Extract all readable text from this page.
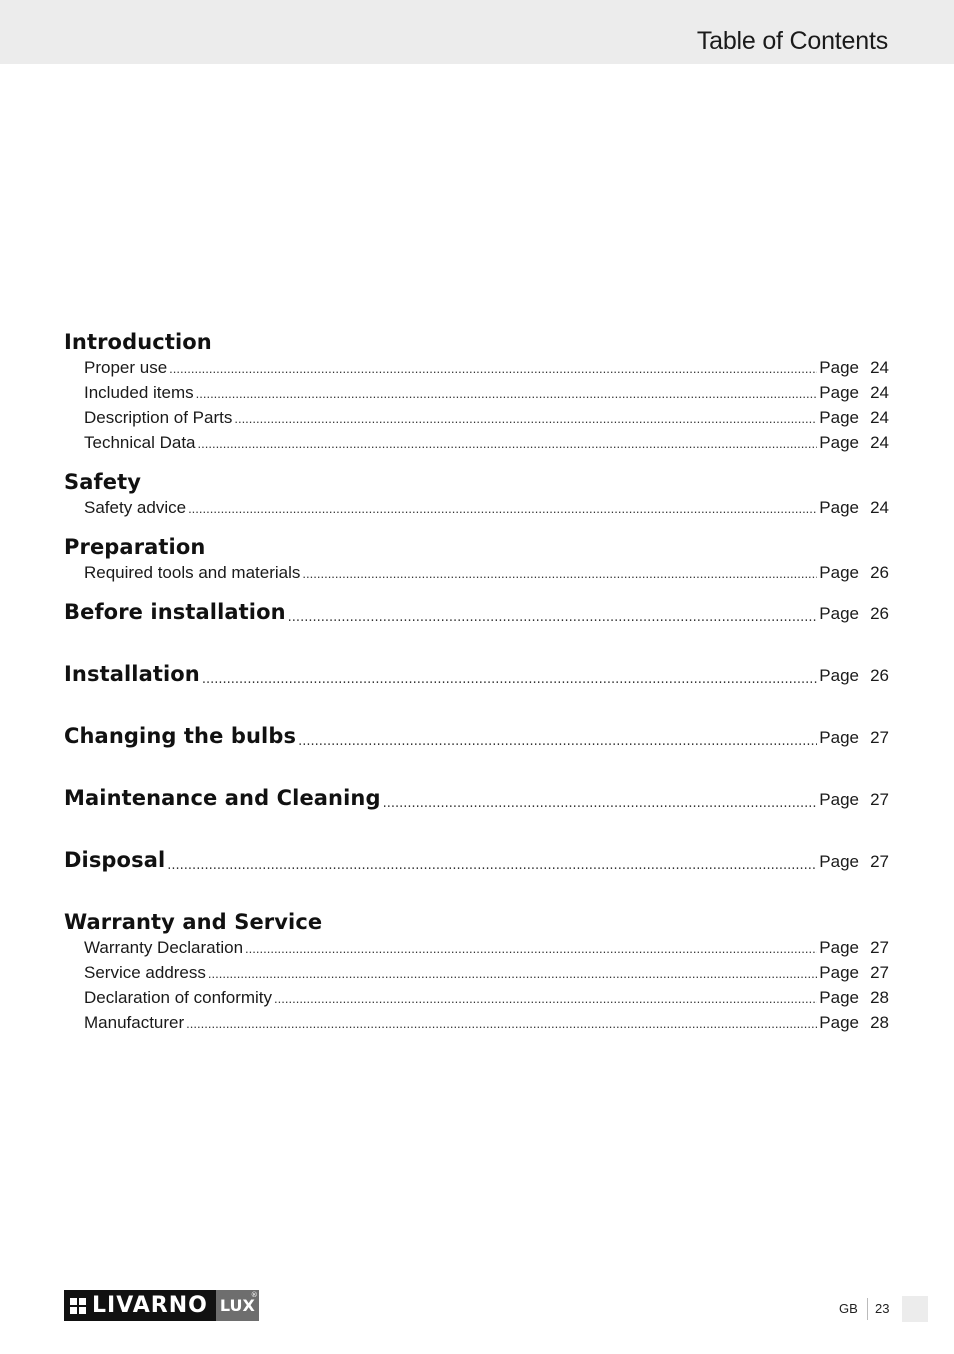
Table of Contents
Introduction
Proper use .....	Page 24
Included items .....	Page 24
Description of Parts .....	Page 24
Technical Data .....	Page 24
Safety
Safety advice .....	Page 24
Preparation
Required tools and materials .....	Page 26
Before installation .....	Page 26
Installation .....	Page 26
Changing the bulbs .....	Page 27
Maintenance and Cleaning .....	Page 27
Disposal .....	Page 27
Warranty and Service
Warranty Declaration .....	Page 27
Service address .....	Page 27
Declaration of conformity .....	Page 28
Manufacturer .....	Page 28
LIVARNO LUX
®
GB 23
